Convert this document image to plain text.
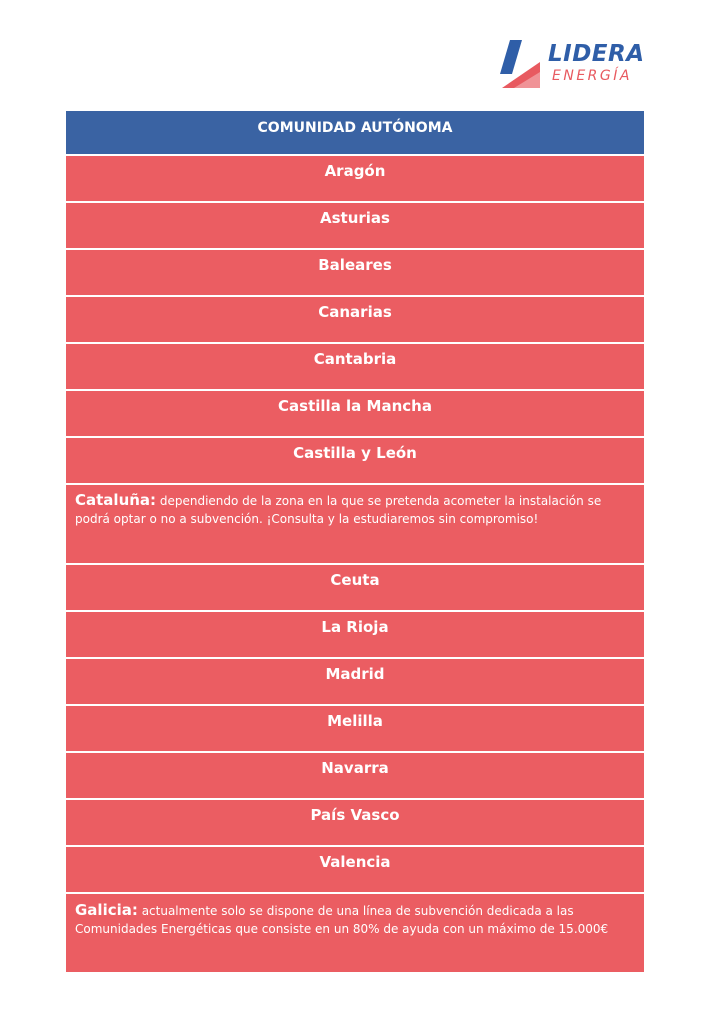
LIDERA
ENERGÍA
COMUNIDAD AUTÓNOMA
Aragón
Asturias
Baleares
Canarias
Cantabria
Castilla la Mancha
Castilla y León
Cataluña: dependiendo de la zona en la que se pretenda acometer la instalación se podrá optar o no a subvención. ¡Consulta y la estudiaremos sin compromiso!
Ceuta
La Rioja
Madrid
Melilla
Navarra
País Vasco
Valencia
Galicia: actualmente solo se dispone de una línea de subvención dedicada a las Comunidades Energéticas que consiste en un 80% de ayuda con un máximo de 15.000€
